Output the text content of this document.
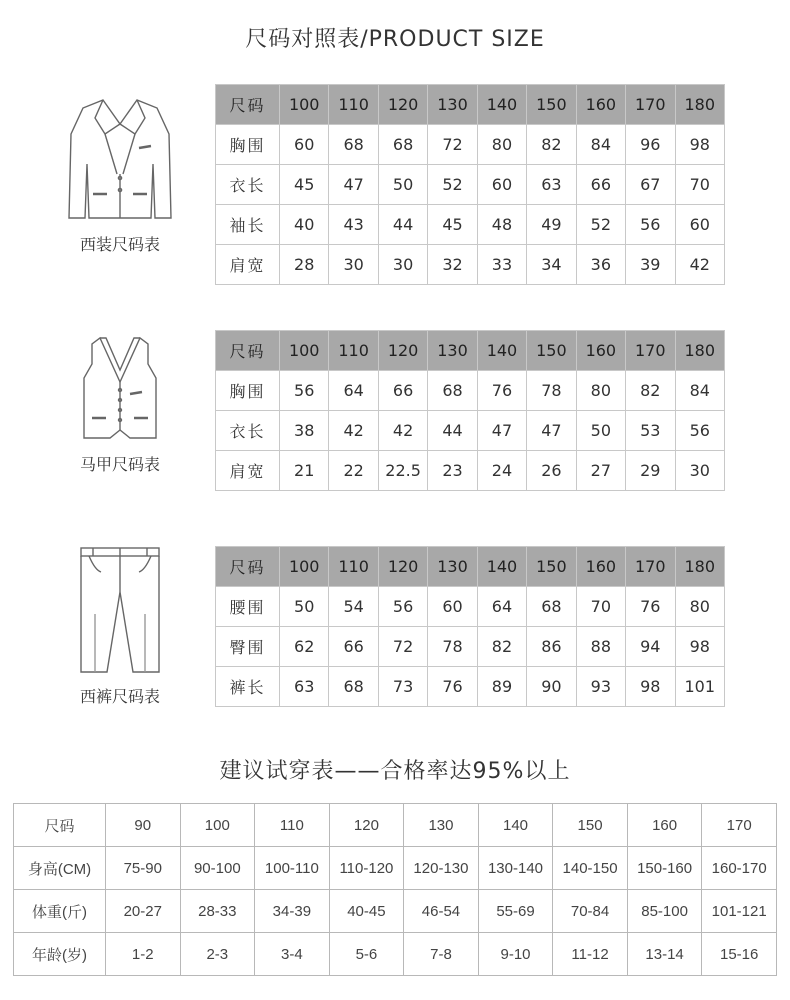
尺码对照表/PRODUCT SIZE
西装尺码表
尺码	100	110	120	130	140	150	160	170	180
胸围	60	68	68	72	80	82	84	96	98
衣长	45	47	50	52	60	63	66	67	70
袖长	40	43	44	45	48	49	52	56	60
肩宽	28	30	30	32	33	34	36	39	42
马甲尺码表
尺码	100	110	120	130	140	150	160	170	180
胸围	56	64	66	68	76	78	80	82	84
衣长	38	42	42	44	47	47	50	53	56
肩宽	21	22	22.5	23	24	26	27	29	30
西裤尺码表
尺码	100	110	120	130	140	150	160	170	180
腰围	50	54	56	60	64	68	70	76	80
臀围	62	66	72	78	82	86	88	94	98
裤长	63	68	73	76	89	90	93	98	101
建议试穿表——合格率达95%以上
尺码	90	100	110	120	130	140	150	160	170
身高(CM)	75-90	90-100	100-110	110-120	120-130	130-140	140-150	150-160	160-170
体重(斤)	20-27	28-33	34-39	40-45	46-54	55-69	70-84	85-100	101-121
年龄(岁)	1-2	2-3	3-4	5-6	7-8	9-10	11-12	13-14	15-16
